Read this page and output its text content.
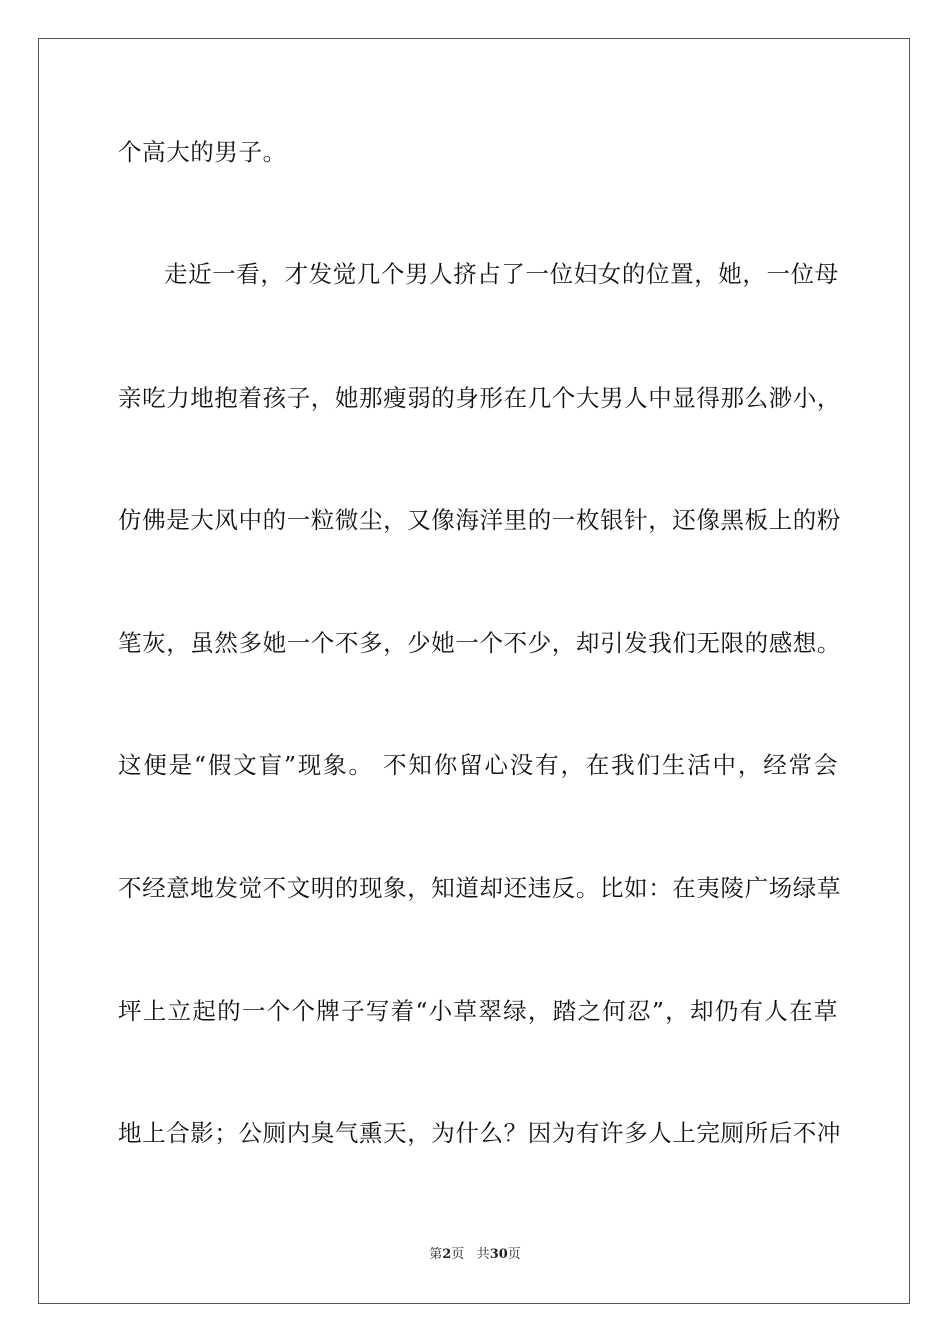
个高大的男子。
走近一看，才发觉几个男人挤占了一位妇女的位置，她，一位母
亲吃力地抱着孩子，她那瘦弱的身形在几个大男人中显得那么渺小，
仿佛是大风中的一粒微尘，又像海洋里的一枚银针，还像黑板上的粉
笔灰，虽然多她一个不多，少她一个不少，却引发我们无限的感想。
这便是“假文盲”现象。 不知你留心没有，在我们生活中，经常会
不经意地发觉不文明的现象，知道却还违反。比如：在夷陵广场绿草
坪上立起的一个个牌子写着“小草翠绿，踏之何忍”，却仍有人在草
地上合影；公厕内臭气熏天，为什么？因为有许多人上完厕所后不冲
第2页 共30页
